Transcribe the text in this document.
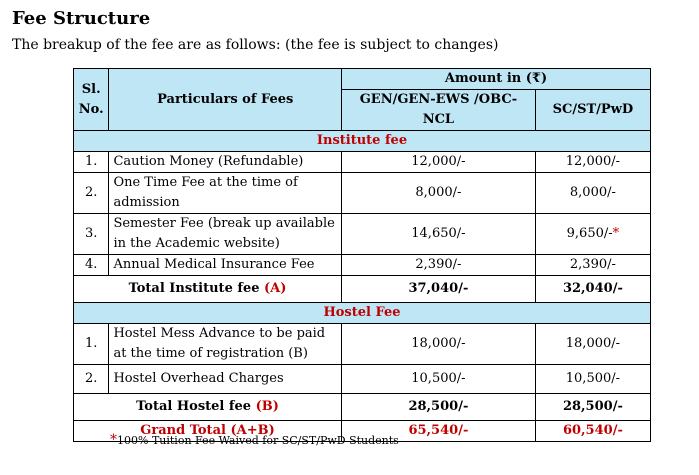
Fee Structure

The breakup of the fee are as follows: (the fee is subject to changes)

Sl. No.	Particulars of Fees	Amount in (₹)	
		GEN/GEN-EWS /OBC-NCL	SC/ST/PwD
Institute fee			
1.	Caution Money (Refundable)	12,000/-	12,000/-
2.	One Time Fee at the time of admission	8,000/-	8,000/-
3.	Semester Fee (break up available in the Academic website)	14,650/-	9,650/-*
4.	Annual Medical Insurance Fee	2,390/-	2,390/-
Total Institute fee (A)		37,040/-	32,040/-
Hostel Fee			
1.	Hostel Mess Advance to be paid at the time of registration (B)	18,000/-	18,000/-
2.	Hostel Overhead Charges	10,500/-	10,500/-
Total Hostel fee (B)		28,500/-	28,500/-
Grand Total (A+B)		65,540/-	60,540/-

*100% Tuition Fee Waived for SC/ST/PwD Students
